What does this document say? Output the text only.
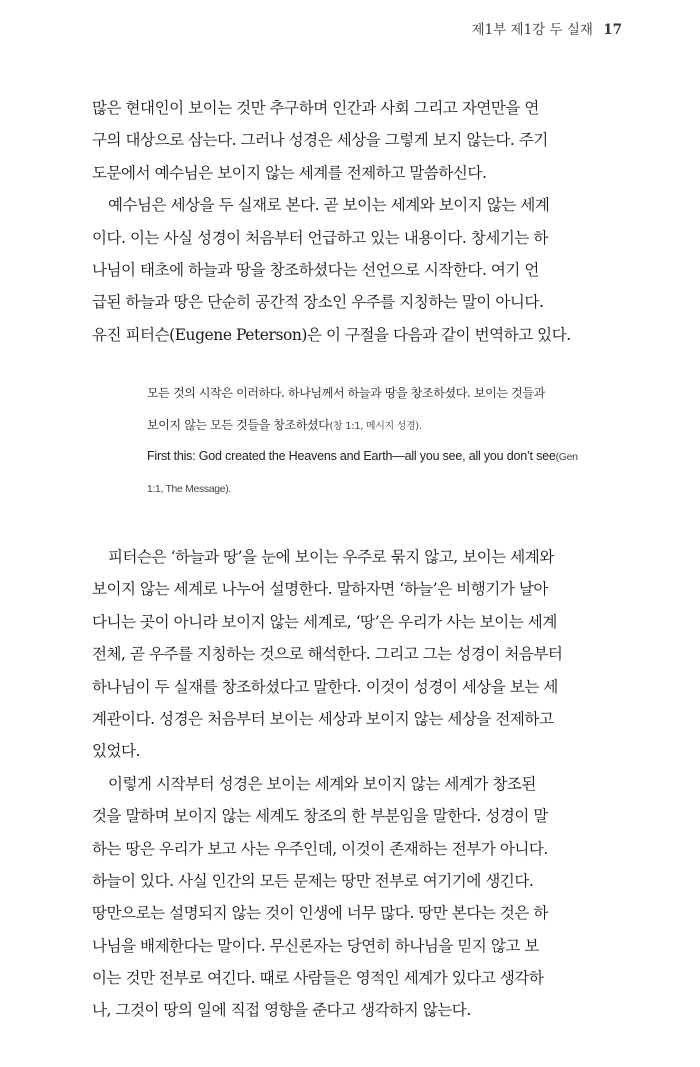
제1부 제1강 두 실재 17
많은 현대인이 보이는 것만 추구하며 인간과 사회 그리고 자연만을 연
구의 대상으로 삼는다. 그러나 성경은 세상을 그렇게 보지 않는다. 주기
도문에서 예수님은 보이지 않는 세계를 전제하고 말씀하신다.
예수님은 세상을 두 실재로 본다. 곧 보이는 세계와 보이지 않는 세계
이다. 이는 사실 성경이 처음부터 언급하고 있는 내용이다. 창세기는 하
나님이 태초에 하늘과 땅을 창조하셨다는 선언으로 시작한다. 여기 언
급된 하늘과 땅은 단순히 공간적 장소인 우주를 지칭하는 말이 아니다.
유진 피터슨(Eugene Peterson)은 이 구절을 다음과 같이 번역하고 있다.
모든 것의 시작은 이러하다. 하나님께서 하늘과 땅을 창조하셨다. 보이는 것들과
보이지 않는 모든 것들을 창조하셨다(창 1:1, 메시지 성경).
First this: God created the Heavens and Earth—all you see, all you don’t see(Gen
1:1, The Message).
피터슨은 ‘하늘과 땅’을 눈에 보이는 우주로 묶지 않고, 보이는 세계와
보이지 않는 세계로 나누어 설명한다. 말하자면 ‘하늘’은 비행기가 날아
다니는 곳이 아니라 보이지 않는 세계로, ‘땅’은 우리가 사는 보이는 세계
전체, 곧 우주를 지칭하는 것으로 해석한다. 그리고 그는 성경이 처음부터
하나님이 두 실재를 창조하셨다고 말한다. 이것이 성경이 세상을 보는 세
계관이다. 성경은 처음부터 보이는 세상과 보이지 않는 세상을 전제하고
있었다.
이렇게 시작부터 성경은 보이는 세계와 보이지 않는 세계가 창조된
것을 말하며 보이지 않는 세계도 창조의 한 부분임을 말한다. 성경이 말
하는 땅은 우리가 보고 사는 우주인데, 이것이 존재하는 전부가 아니다.
하늘이 있다. 사실 인간의 모든 문제는 땅만 전부로 여기기에 생긴다.
땅만으로는 설명되지 않는 것이 인생에 너무 많다. 땅만 본다는 것은 하
나님을 배제한다는 말이다. 무신론자는 당연히 하나님을 믿지 않고 보
이는 것만 전부로 여긴다. 때로 사람들은 영적인 세계가 있다고 생각하
나, 그것이 땅의 일에 직접 영향을 준다고 생각하지 않는다.
